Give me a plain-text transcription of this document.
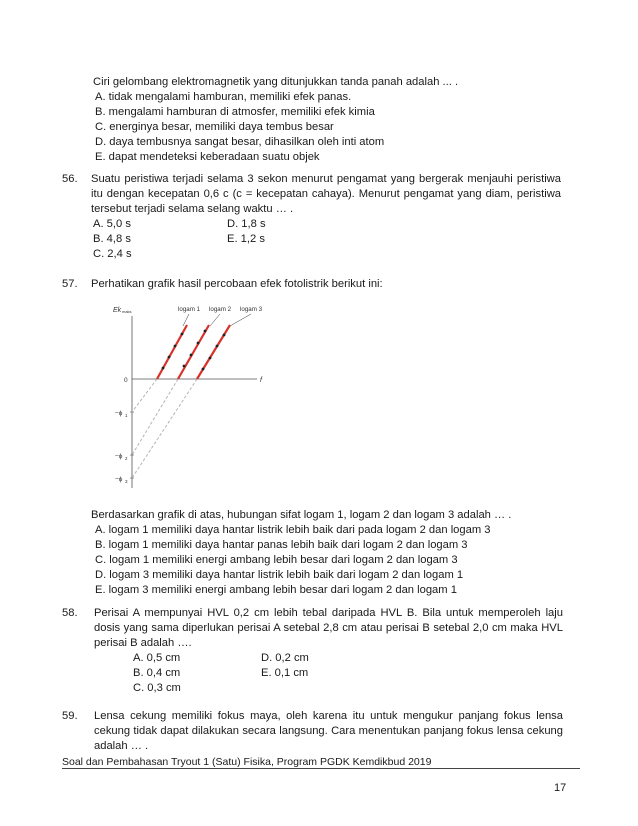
Ciri gelombang elektromagnetik yang ditunjukkan tanda panah adalah ... .
A. tidak mengalami hamburan, memiliki efek panas.
B. mengalami hamburan di atmosfer, memiliki efek kimia
C. energinya besar, memiliki daya tembus besar
D. daya tembusnya sangat besar, dihasilkan oleh inti atom
E. dapat mendeteksi keberadaan suatu objek
56. Suatu peristiwa terjadi selama 3 sekon menurut pengamat yang bergerak menjauhi peristiwa
itu dengan kecepatan 0,6 c (c = kecepatan cahaya). Menurut pengamat yang diam, peristiwa
tersebut terjadi selama selang waktu … .
A. 5,0 s
B. 4,8 s
C. 2,4 s
D. 1,8 s
E. 1,2 s
57. Perhatikan grafik hasil percobaan efek fotolistrik berikut ini:
logam 1 logam 2 logam 3
Ek maks
f
0
−ϕ 1
−ϕ 2
−ϕ 3
Berdasarkan grafik di atas, hubungan sifat logam 1, logam 2 dan logam 3 adalah … .
A. logam 1 memiliki daya hantar listrik lebih baik dari pada logam 2 dan logam 3
B. logam 1 memiliki daya hantar panas lebih baik dari logam 2 dan logam 3
C. logam 1 memiliki energi ambang lebih besar dari logam 2 dan logam 3
D. logam 3 memiliki daya hantar listrik lebih baik dari logam 2 dan logam 1
E. logam 3 memiliki energi ambang lebih besar dari logam 2 dan logam 1
58. Perisai A mempunyai HVL 0,2 cm lebih tebal daripada HVL B. Bila untuk memperoleh laju
dosis yang sama diperlukan perisai A setebal 2,8 cm atau perisai B setebal 2,0 cm maka HVL
perisai B adalah ….
A. 0,5 cm
B. 0,4 cm
C. 0,3 cm
D. 0,2 cm
E. 0,1 cm
59. Lensa cekung memiliki fokus maya, oleh karena itu untuk mengukur panjang fokus lensa
cekung tidak dapat dilakukan secara langsung. Cara menentukan panjang fokus lensa cekung
adalah … .
Soal dan Pembahasan Tryout 1 (Satu) Fisika, Program PGDK Kemdikbud 2019
17
